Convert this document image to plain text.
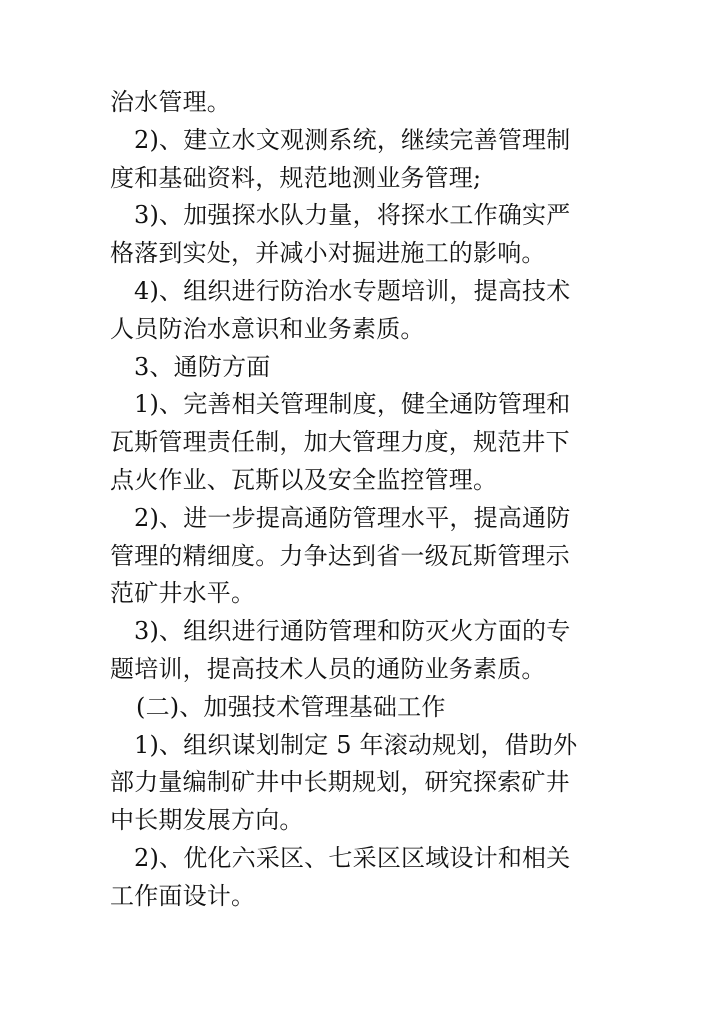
治水管理。
2)、建立水文观测系统，继续完善管理制
度和基础资料，规范地测业务管理;
3)、加强探水队力量，将探水工作确实严
格落到实处，并减小对掘进施工的影响。
4)、组织进行防治水专题培训，提高技术
人员防治水意识和业务素质。
3、通防方面
1)、完善相关管理制度，健全通防管理和
瓦斯管理责任制，加大管理力度，规范井下
点火作业、瓦斯以及安全监控管理。
2)、进一步提高通防管理水平，提高通防
管理的精细度。力争达到省一级瓦斯管理示
范矿井水平。
3)、组织进行通防管理和防灭火方面的专
题培训，提高技术人员的通防业务素质。
(二)、加强技术管理基础工作
1)、组织谋划制定 5 年滚动规划，借助外
部力量编制矿井中长期规划，研究探索矿井
中长期发展方向。
2)、优化六采区、七采区区域设计和相关
工作面设计。
